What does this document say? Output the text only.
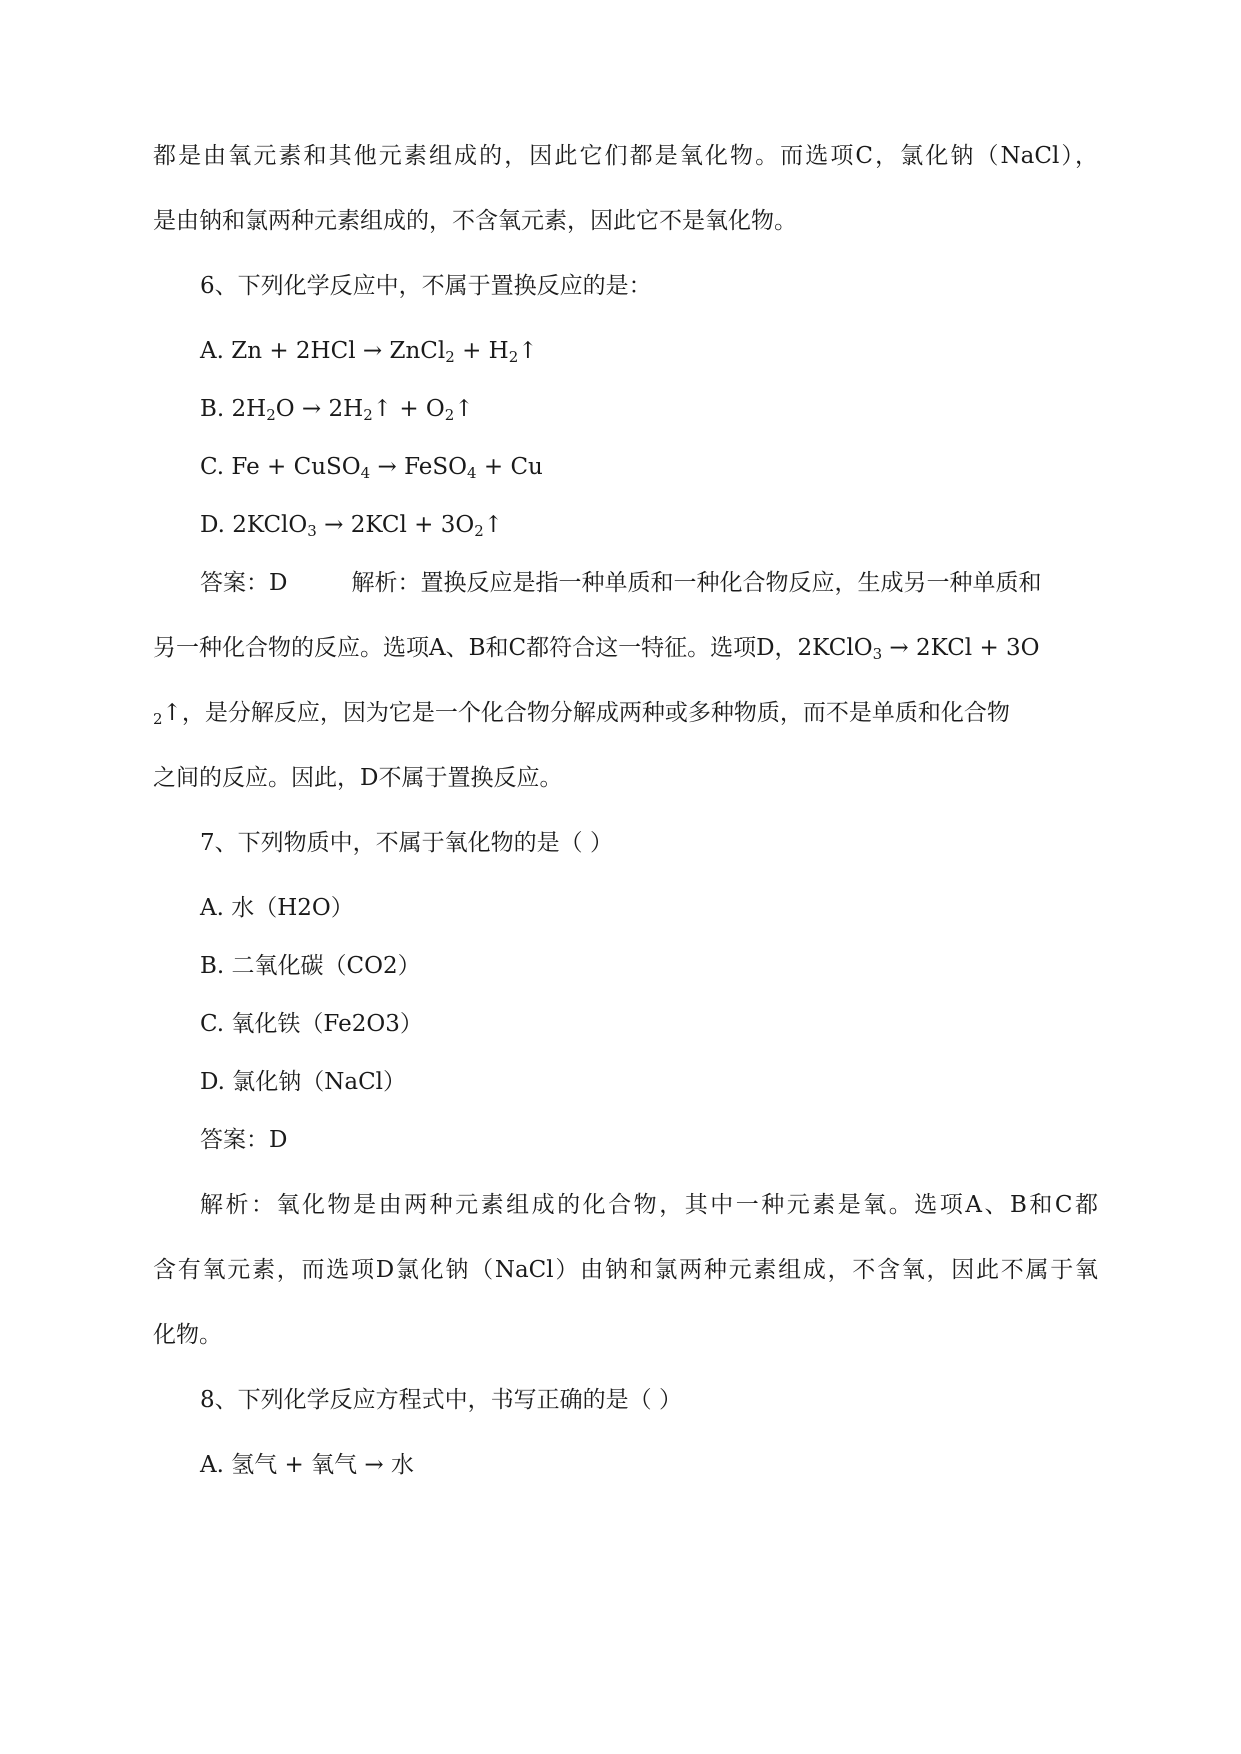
都是由氧元素和其他元素组成的，因此它们都是氧化物。而选项C，氯化钠（NaCl），
是由钠和氯两种元素组成的，不含氧元素，因此它不是氧化物。
6、下列化学反应中，不属于置换反应的是：
A. Zn + 2HCl → ZnCl$_2$ + $H_2↑$
B. $2H_2O$ → $2H_2↑$ + $O_2↑$
C. Fe + CuSO$_4$ → FeSO$_4$ + Cu
D. 2KClO$_3$ → $2KCl + 3O_2↑$
答案：D	解析：置换反应是指一种单质和一种化合物反应，生成另一种单质和
另一种化合物的反应。选项A、B和C都符合这一特征。选项D，2KClO$_3$ → 2KCl + 3O
$_2$↑，是分解反应，因为它是一个化合物分解成两种或多种物质，而不是单质和化合物
之间的反应。因此，D不属于置换反应。
7、下列物质中，不属于氧化物的是（ ）
A. 水（H2O）
B. 二氧化碳（CO2）
C. 氧化铁（Fe2O3）
D. 氯化钠（NaCl）
答案：D
解析：氧化物是由两种元素组成的化合物，其中一种元素是氧。选项A、B和C都
含有氧元素，而选项D氯化钠（NaCl）由钠和氯两种元素组成，不含氧，因此不属于氧
化物。
8、下列化学反应方程式中，书写正确的是（ ）
A. 氢气 + 氧气 → 水
